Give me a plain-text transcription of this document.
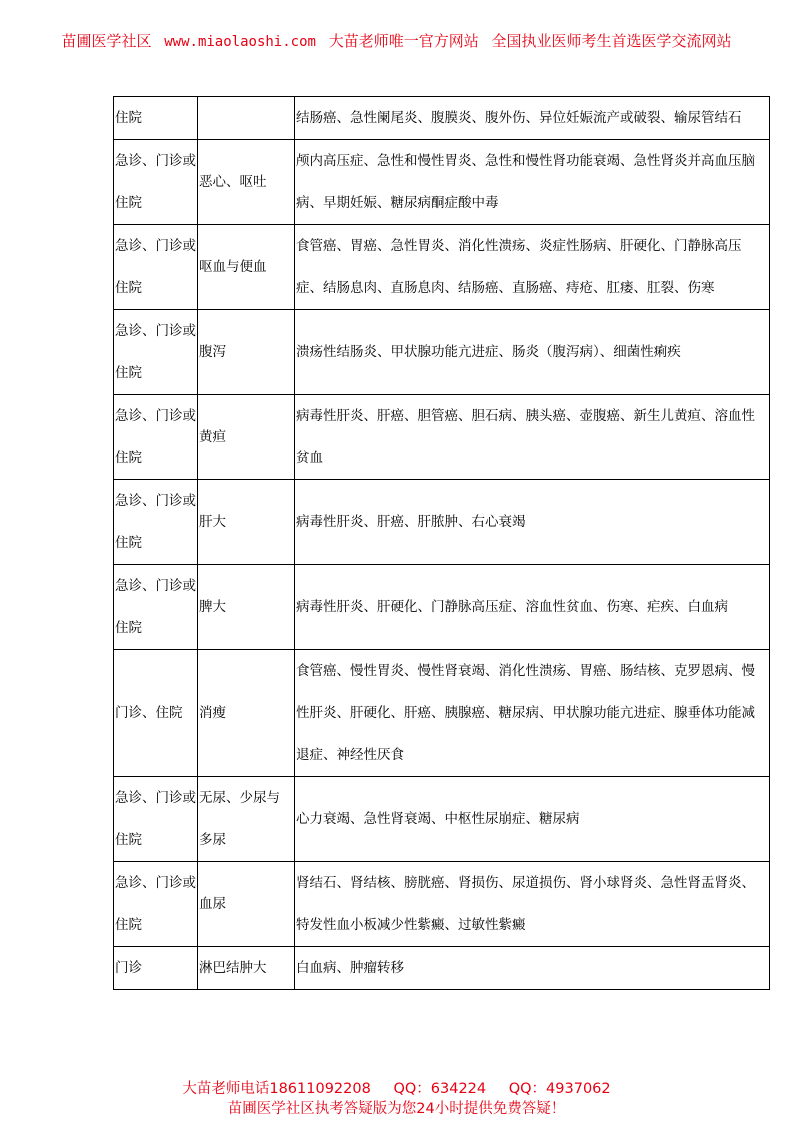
苗圃医学社区 www.miaolaoshi.com 大苗老师唯一官方网站 全国执业医师考生首选医学交流网站
住院		结肠癌、急性阑尾炎、腹膜炎、腹外伤、异位妊娠流产或破裂、输尿管结石
急诊、门诊或住院	恶心、呕吐	颅内高压症、急性和慢性胃炎、急性和慢性肾功能衰竭、急性肾炎并高血压脑病、早期妊娠、糖尿病酮症酸中毒
急诊、门诊或住院	呕血与便血	食管癌、胃癌、急性胃炎、消化性溃疡、炎症性肠病、肝硬化、门静脉高压症、结肠息肉、直肠息肉、结肠癌、直肠癌、痔疮、肛瘘、肛裂、伤寒
急诊、门诊或住院	腹泻	溃疡性结肠炎、甲状腺功能亢进症、肠炎（腹泻病）、细菌性痢疾
急诊、门诊或住院	黄疸	病毒性肝炎、肝癌、胆管癌、胆石病、胰头癌、壶腹癌、新生儿黄疸、溶血性贫血
急诊、门诊或住院	肝大	病毒性肝炎、肝癌、肝脓肿、右心衰竭
急诊、门诊或住院	脾大	病毒性肝炎、肝硬化、门静脉高压症、溶血性贫血、伤寒、疟疾、白血病
门诊、住院	消瘦	食管癌、慢性胃炎、慢性肾衰竭、消化性溃疡、胃癌、肠结核、克罗恩病、慢性肝炎、肝硬化、肝癌、胰腺癌、糖尿病、甲状腺功能亢进症、腺垂体功能减退症、神经性厌食
急诊、门诊或住院	无尿、少尿与多尿	心力衰竭、急性肾衰竭、中枢性尿崩症、糖尿病
急诊、门诊或住院	血尿	肾结石、肾结核、膀胱癌、肾损伤、尿道损伤、肾小球肾炎、急性肾盂肾炎、特发性血小板减少性紫癜、过敏性紫癜
门诊	淋巴结肿大	白血病、肿瘤转移
大苗老师电话18611092208 QQ：634224 QQ：4937062
苗圃医学社区执考答疑版为您24小时提供免费答疑！
